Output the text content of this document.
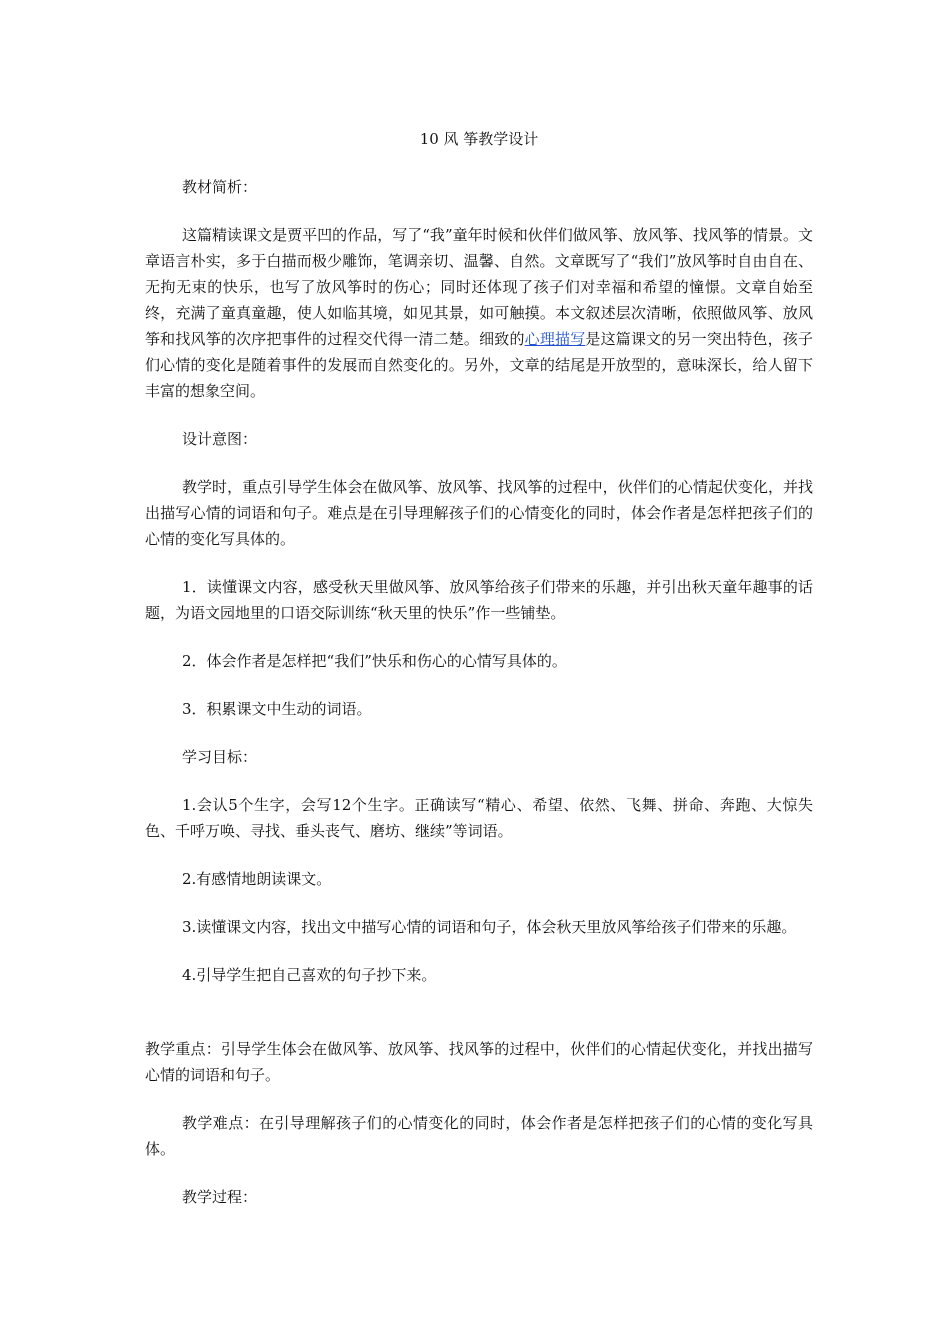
10 风 筝教学设计

教材简析：

这篇精读课文是贾平凹的作品，写了“我”童年时候和伙伴们做风筝、放风筝、找风筝的情景。文章语言朴实，多于白描而极少雕饰，笔调亲切、温馨、自然。文章既写了“我们”放风筝时自由自在、无拘无束的快乐，也写了放风筝时的伤心；同时还体现了孩子们对幸福和希望的憧憬。文章自始至终，充满了童真童趣，使人如临其境，如见其景，如可触摸。本文叙述层次清晰，依照做风筝、放风筝和找风筝的次序把事件的过程交代得一清二楚。细致的心理描写是这篇课文的另一突出特色，孩子们心情的变化是随着事件的发展而自然变化的。另外，文章的结尾是开放型的，意味深长，给人留下丰富的想象空间。

设计意图：

教学时，重点引导学生体会在做风筝、放风筝、找风筝的过程中，伙伴们的心情起伏变化，并找出描写心情的词语和句子。难点是在引导理解孩子们的心情变化的同时，体会作者是怎样把孩子们的心情的变化写具体的。

1．读懂课文内容，感受秋天里做风筝、放风筝给孩子们带来的乐趣，并引出秋天童年趣事的话题，为语文园地里的口语交际训练“秋天里的快乐”作一些铺垫。

2．体会作者是怎样把“我们”快乐和伤心的心情写具体的。

3．积累课文中生动的词语。

学习目标：

1.会认5个生字，会写12个生字。正确读写“精心、希望、依然、飞舞、拼命、奔跑、大惊失色、千呼万唤、寻找、垂头丧气、磨坊、继续”等词语。

2.有感情地朗读课文。

3.读懂课文内容，找出文中描写心情的词语和句子，体会秋天里放风筝给孩子们带来的乐趣。

4.引导学生把自己喜欢的句子抄下来。

教学重点：引导学生体会在做风筝、放风筝、找风筝的过程中，伙伴们的心情起伏变化，并找出描写心情的词语和句子。

教学难点：在引导理解孩子们的心情变化的同时，体会作者是怎样把孩子们的心情的变化写具体。

教学过程：
